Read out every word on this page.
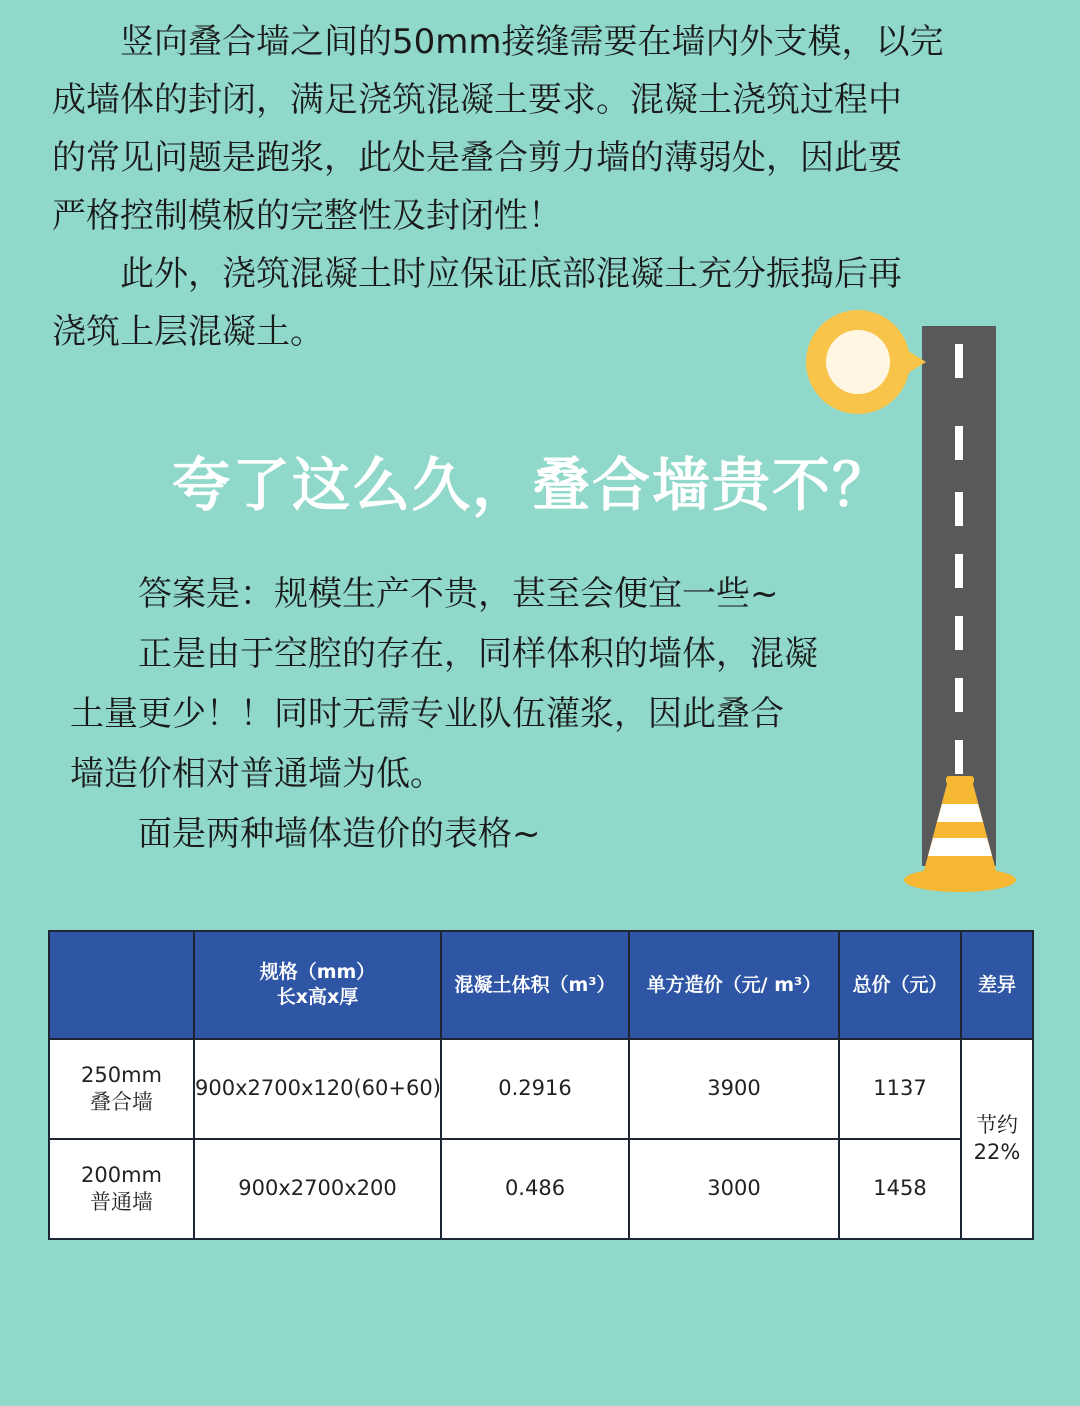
　　竖向叠合墙之间的50mm接缝需要在墙内外支模，以完

成墙体的封闭，满足浇筑混凝土要求。混凝土浇筑过程中

的常见问题是跑浆，此处是叠合剪力墙的薄弱处，因此要

严格控制模板的完整性及封闭性！

　　此外，浇筑混凝土时应保证底部混凝土充分振捣后再

浇筑上层混凝土。

夸了这么久，叠合墙贵不？

　　答案是：规模生产不贵，甚至会便宜一些~

　　正是由于空腔的存在，同样体积的墙体，混凝

土量更少！！同时无需专业队伍灌浆，因此叠合

墙造价相对普通墙为低。

　　面是两种墙体造价的表格~

	规格（mm）
长x高x厚	混凝土体积（m³）	单方造价（元/ m³）	总价（元）	差异

250mm
叠合墙	900x2700x120(60+60)	0.2916	3900	1137	节约
22%

200mm
普通墙	900x2700x200	0.486	3000	1458	
